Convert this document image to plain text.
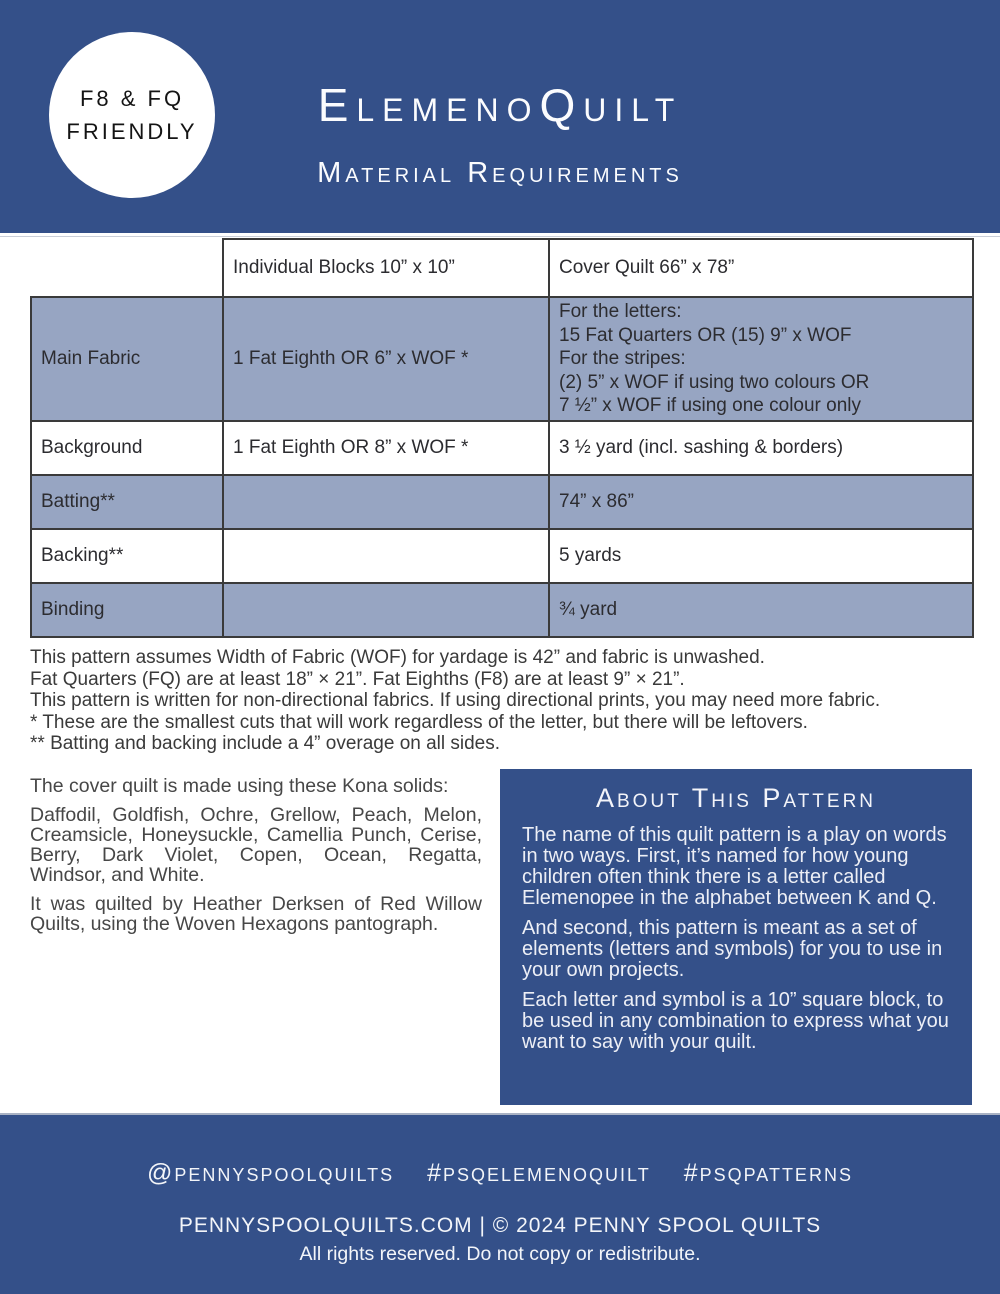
F8 & FQ
FRIENDLY
ElemenoQuilt
Material Requirements
	Individual Blocks 10” x 10”	Cover Quilt 66” x 78”
Main Fabric	1 Fat Eighth OR 6” x WOF *	For the letters:
15 Fat Quarters OR (15) 9” x WOF
For the stripes:
(2) 5” x WOF if using two colours OR
7 ½” x WOF if using one colour only

Background	1 Fat Eighth OR 8” x WOF *	3 ½ yard (incl. sashing & borders)
Batting**		74” x 86”
Backing**		5 yards
Binding		¾ yard
This pattern assumes Width of Fabric (WOF) for yardage is 42” and fabric is unwashed.
Fat Quarters (FQ) are at least 18” × 21”. Fat Eighths (F8) are at least 9” × 21”.
This pattern is written for non-directional fabrics. If using directional prints, you may need more fabric.
* These are the smallest cuts that will work regardless of the letter, but there will be leftovers.
** Batting and backing include a 4” overage on all sides.

The cover quilt is made using these Kona solids:

Daffodil, Goldfish, Ochre, Grellow, Peach, Melon, Creamsicle, Honeysuckle, Camellia Punch, Cerise, Berry, Dark Violet, Copen, Ocean, Regatta, Windsor, and White.

It was quilted by Heather Derksen of Red Willow Quilts, using the Woven Hexagons pantograph.

About This Pattern

The name of this quilt pattern is a play on words in two ways. First, it’s named for how young children often think there is a letter called Elemenopee in the alphabet between K and Q.

And second, this pattern is meant as a set of elements (letters and symbols) for you to use in your own projects.

Each letter and symbol is a 10” square block, to be used in any combination to express what you want to say with your quilt.

@pennyspoolquilts #psqelemenoquilt #psqpatterns
PENNYSPOOLQUILTS.COM | © 2024 PENNY SPOOL QUILTS
All rights reserved. Do not copy or redistribute.
